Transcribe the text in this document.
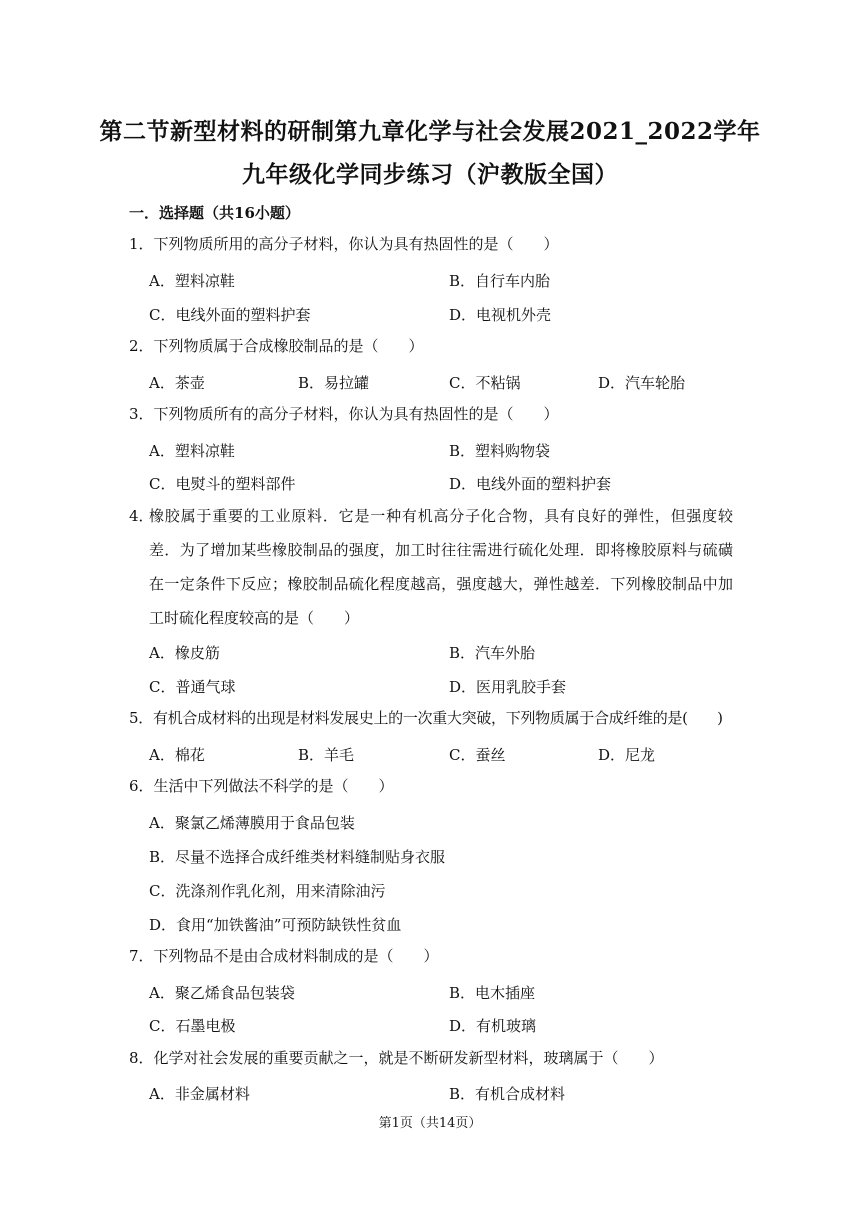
第二节新型材料的研制第九章化学与社会发展2021_2022学年
九年级化学同步练习（沪教版全国）
一．选择题（共16小题）
1．下列物质所用的高分子材料，你认为具有热固性的是（　　）
A．塑料凉鞋	B．自行车内胎
C．电线外面的塑料护套	D．电视机外壳
2．下列物质属于合成橡胶制品的是（　　）
A．茶壶	B．易拉罐	C．不粘锅	D．汽车轮胎
3．下列物质所有的高分子材料，你认为具有热固性的是（　　）
A．塑料凉鞋	B．塑料购物袋
C．电熨斗的塑料部件	D．电线外面的塑料护套
4．
橡胶属于重要的工业原料．它是一种有机高分子化合物，具有良好的弹性，但强度较差．为了增加某些橡胶制品的强度，加工时往往需进行硫化处理．即将橡胶原料与硫磺在一定条件下反应；橡胶制品硫化程度越高，强度越大，弹性越差．下列橡胶制品中加工时硫化程度较高的是（　　）
A．橡皮筋	B．汽车外胎
C．普通气球	D．医用乳胶手套
5．有机合成材料的出现是材料发展史上的一次重大突破，下列物质属于合成纤维的是(　　)
A．棉花	B．羊毛	C．蚕丝	D．尼龙
6．生活中下列做法不科学的是（　　）
A．聚氯乙烯薄膜用于食品包装
B．尽量不选择合成纤维类材料缝制贴身衣服
C．洗涤剂作乳化剂，用来清除油污
D．食用“加铁酱油”可预防缺铁性贫血
7．下列物品不是由合成材料制成的是（　　）
A．聚乙烯食品包装袋	B．电木插座
C．石墨电极	D．有机玻璃
8．化学对社会发展的重要贡献之一，就是不断研发新型材料，玻璃属于（　　）
A．非金属材料	B．有机合成材料
第1页（共14页）
